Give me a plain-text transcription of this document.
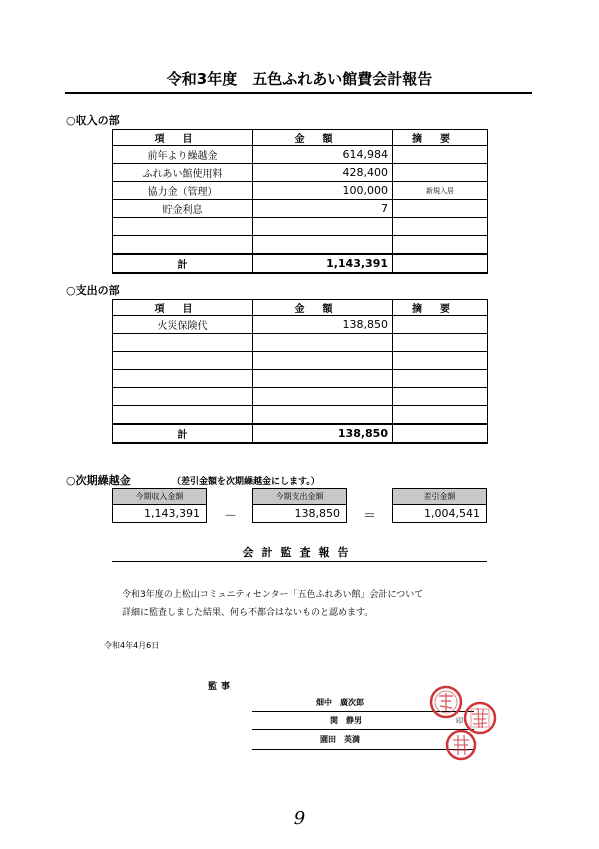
令和3年度　五色ふれあい館費会計報告
○収入の部
項目	金額	摘要
前年より繰越金	614,984	
ふれあい館使用料	428,400	
協力金（管理）	100,000	新規入居
貯金利息	7	

計	1,143,391	
○支出の部
項目	金額	摘要
火災保険代	138,850	

計	138,850	
○次期繰越金	（差引金額を次期繰越金にします。）
今期収入金額
1,143,391	－
今期支出金額
138,850	＝
差引金額
1,004,541
会計監査報告
令和3年度の上松山コミュニティセンター「五色ふれあい館」会計について
詳細に監査しました結果、何ら不都合はないものと認めます。
令和4年4月6日
監事
畑中　廣次郎
関　静男	印
園田　英満
9
